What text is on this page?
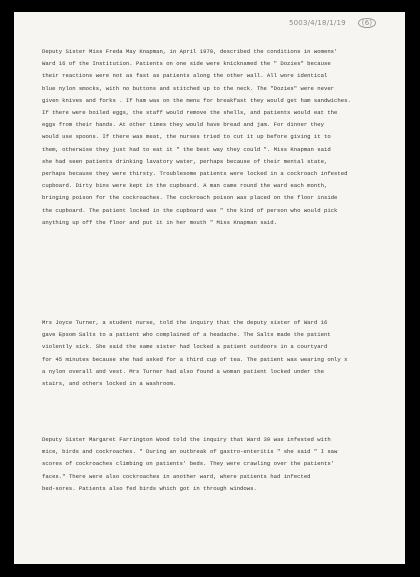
5003/4/18/1/19 (6)
Deputy Sister Miss Freda May Knapman, in April 1970, described the conditions in womens'
Ward 16 of the Institution. Patients on one side were knicknamed the " Dozies" because
their reactions were not as fast as patients along the other wall. All wore identical
blue nylon smocks, with no buttons and stitched up to the neck. The "Dozies" were never
given knives and forks . If ham was on the menu for breakfast they would get ham sandwiches.
If there were boiled eggs, the staff would remove the shells, and patients would eat the
eggs from their hands. At other times they would have bread and jam. For dinner they
would use spoons. If there was meat, the nurses tried to cut it up before giving it to
them, otherwise they just had to eat it " the best way they could ". Miss Knapman said
she had seen patients drinking lavatory water, perhaps because of their mental state,
perhaps because they were thirsty. Troublesome patients were locked in a cockroach infested
cupboard. Dirty bins were kept in the cupboard. A man came round the ward each month,
bringing poison for the cockroaches. The cockroach poison was placed on the floor inside
the cupboard. The patient locked in the cupboard was " the kind of person who would pick
anything up off the floor and put it in her mouth " Miss Knapman said.
Mrs Joyce Turner, a student nurse, told the inquiry that the deputy sister of Ward 16
gave Epsom Salts to a patient who complained of a headache. The Salts made the patient
violently sick. She said the same sister had locked a patient outdoors in a courtyard
for 45 minutes because she had asked for a third cup of tea. The patient was wearing only x
a nylon overall and vest. Mrs Turner had also found a woman patient locked under the
stairs, and others locked in a washroom.
Deputy Sister Margaret Farrington Wood told the inquiry that Ward 39 was infested with
mice, birds and cockroaches. " During an outbreak of gastro-enteritis " she said " I saw
scores of cockroaches climbing on patients' beds. They were crawling over the patients'
faces." There were also cockroaches in another ward, where patients had infected
bed-sores. Patients also fed birds which got in through windows.
